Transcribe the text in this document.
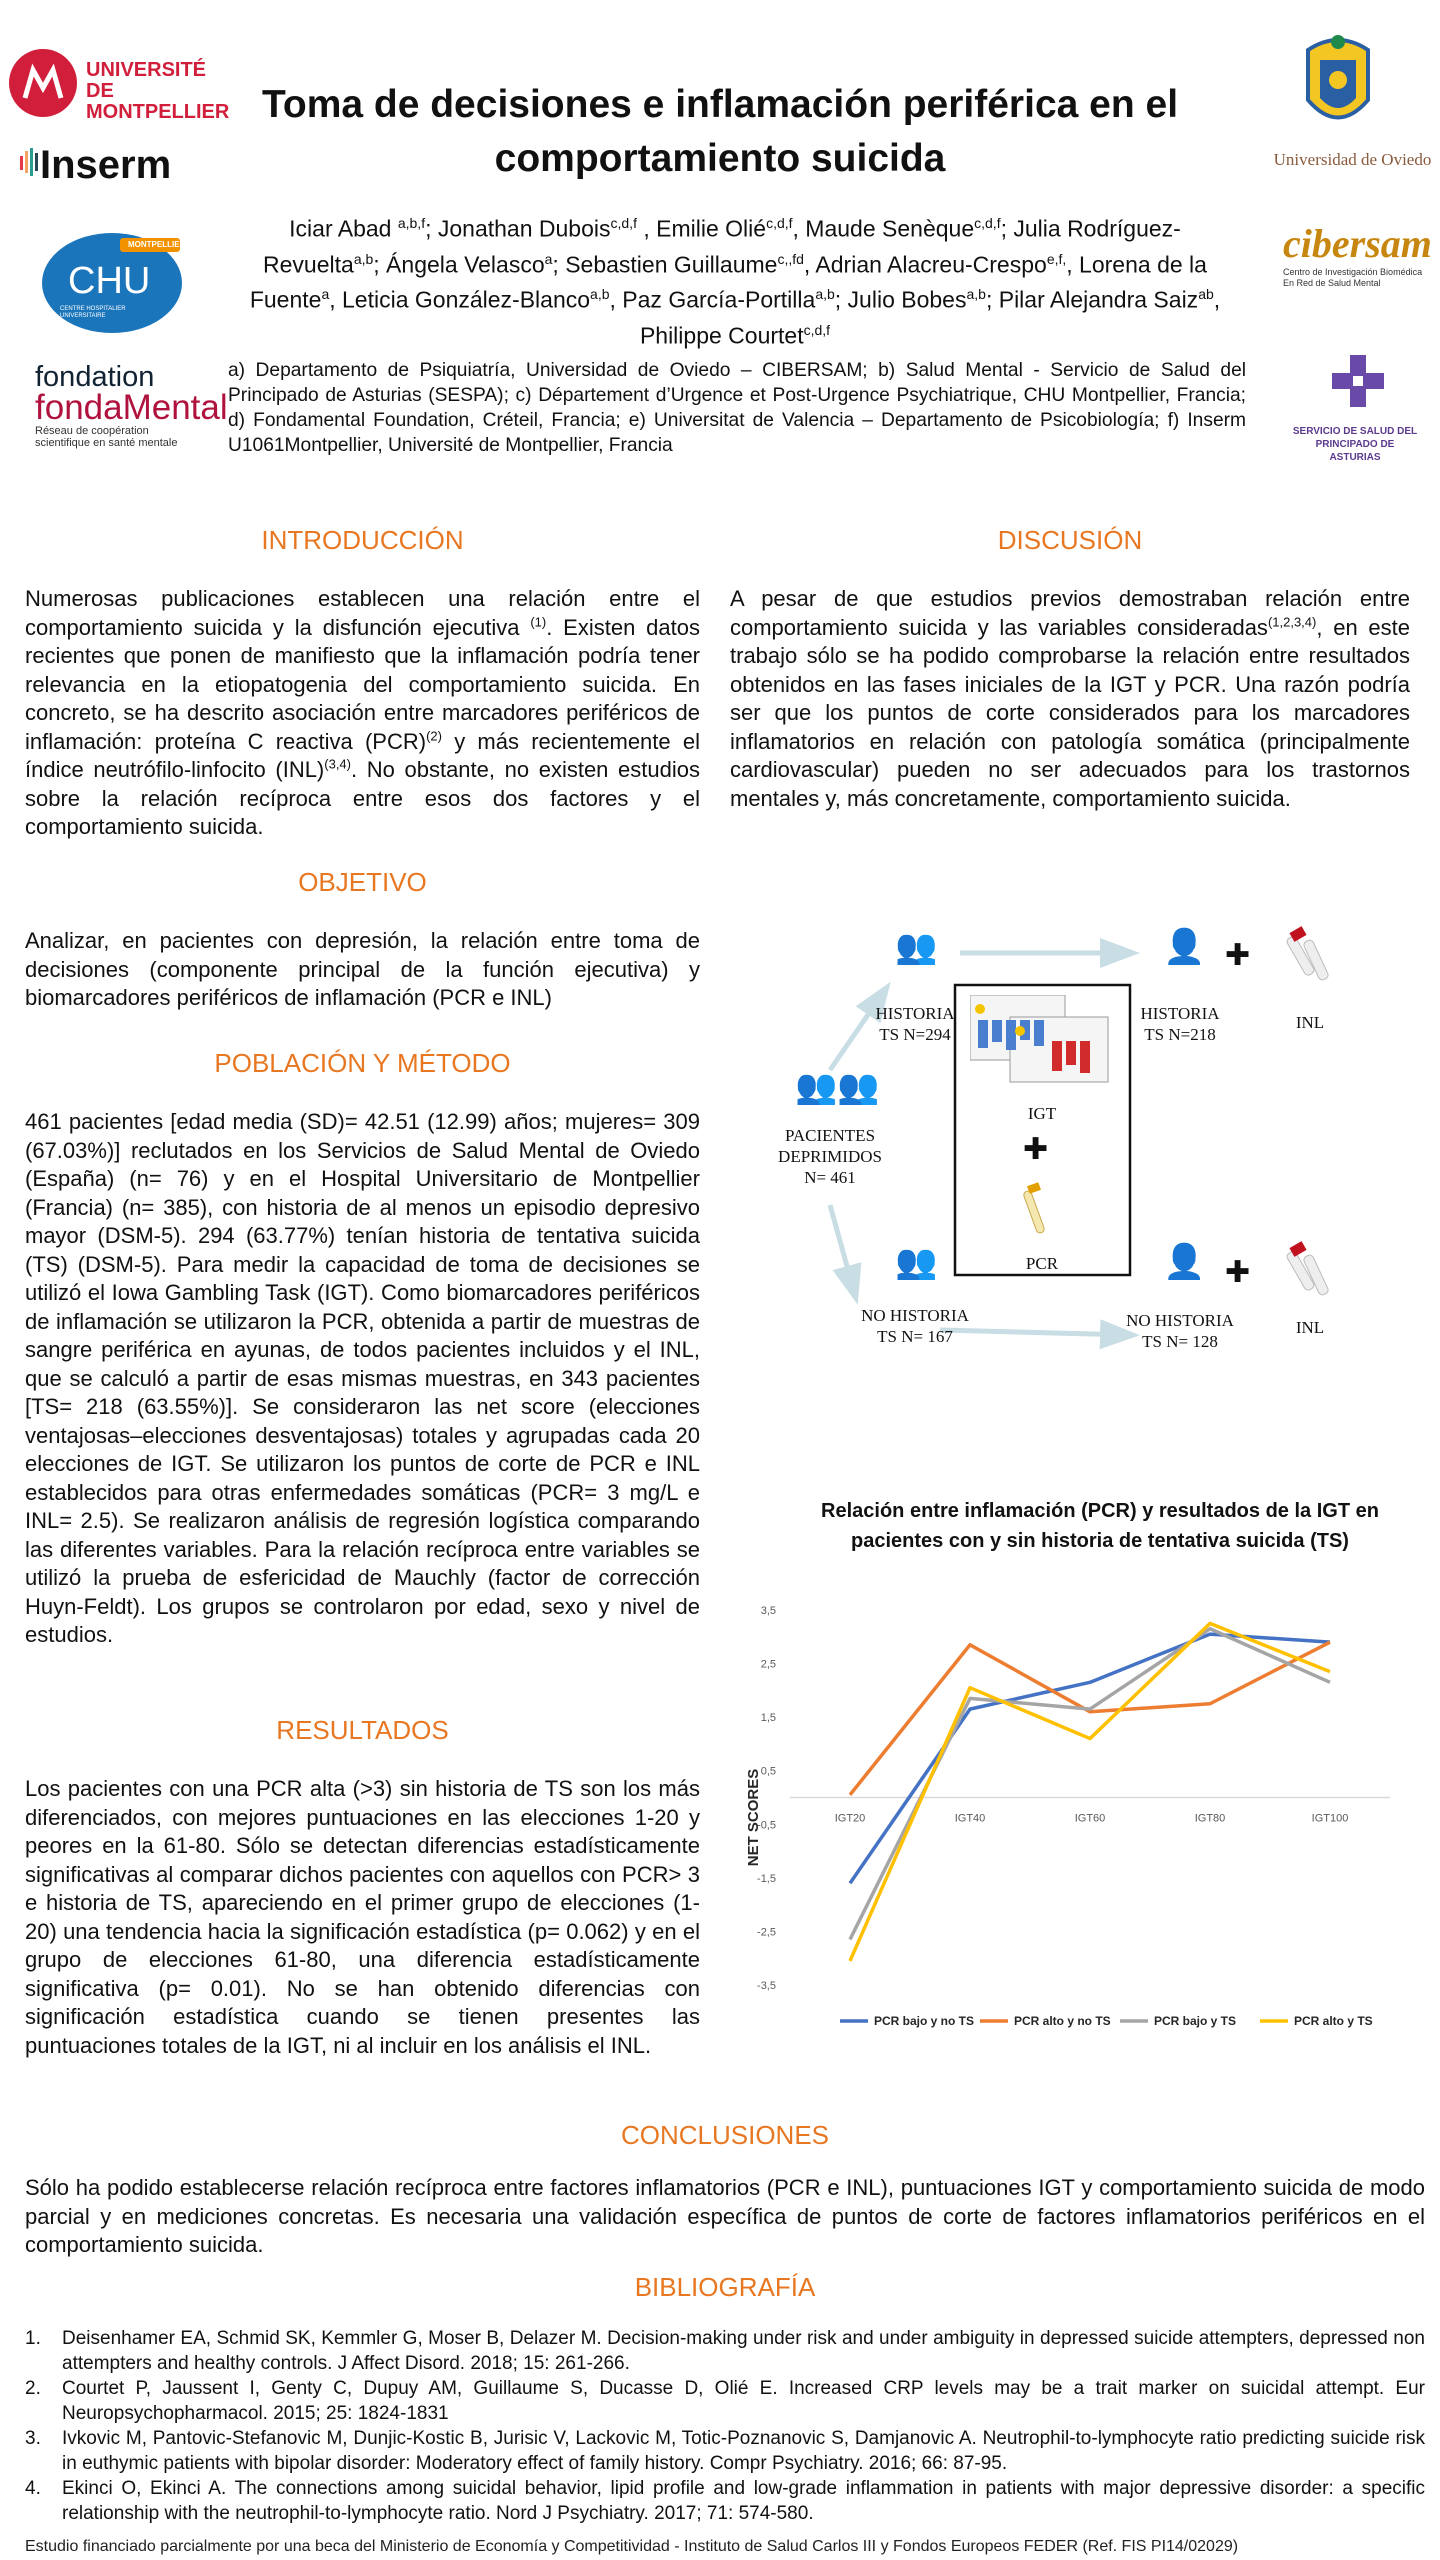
UNIVERSITÉ
DE MONTPELLIER
Inserm
MONTPELLIER
CHU
CENTRE HOSPITALIER UNIVERSITAIRE
fondation
fondaMental
Réseau de coopération scientifique en santé mentale
Universidad de Oviedo
cibersam
Centro de Investigación Biomédica En Red de Salud Mental
SERVICIO DE SALUD DEL PRINCIPADO DE ASTURIAS
Toma de decisiones e inflamación periférica en el
comportamiento suicida
Iciar Abad $^{a,b,f}$; Jonathan Dubois$^{c,d,f}$ , Emilie Olié$^{c,d,f}$, Maude Senèque$^{c,d,f}$; Julia Rodríguez-Revuelta$^{a,b}$; Ángela Velasco$^a$; Sebastien Guillaume$^{c,,fd}$, Adrian Alacreu-Crespo$^{e,f,}$, Lorena de la Fuente$^a$, Leticia González-Blanco$^{a,b}$, Paz García-Portilla$^{a,b}$; Julio Bobes$^{a,b}$; Pilar Alejandra Saiz$^{ab}$, Philippe Courtet$^{c,d,f}$
a) Departamento de Psiquiatría, Universidad de Oviedo – CIBERSAM; b) Salud Mental - Servicio de Salud del Principado de Asturias (SESPA); c) Département d’Urgence et Post-Urgence Psychiatrique, CHU Montpellier, Francia; d) Fondamental Foundation, Créteil, Francia; e) Universitat de Valencia – Departamento de Psicobiología; f) Inserm U1061Montpellier, Université de Montpellier, Francia
INTRODUCCIÓN
Numerosas publicaciones establecen una relación entre el comportamiento suicida y la disfunción ejecutiva $^{(1)}$. Existen datos recientes que ponen de manifiesto que la inflamación podría tener relevancia en la etiopatogenia del comportamiento suicida. En concreto, se ha descrito asociación entre marcadores periféricos de inflamación: proteína C reactiva (PCR)$^{(2)}$ y más recientemente el índice neutrófilo-linfocito (INL)$^{(3,4)}$. No obstante, no existen estudios sobre la relación recíproca entre esos dos factores y el comportamiento suicida.
OBJETIVO
Analizar, en pacientes con depresión, la relación entre toma de decisiones (componente principal de la función ejecutiva) y biomarcadores periféricos de inflamación (PCR e INL)
POBLACIÓN Y MÉTODO
461 pacientes [edad media (SD)= 42.51 (12.99) años; mujeres= 309 (67.03%)] reclutados en los Servicios de Salud Mental de Oviedo (España) (n= 76) y en el Hospital Universitario de Montpellier (Francia) (n= 385), con historia de al menos un episodio depresivo mayor (DSM-5). 294 (63.77%) tenían historia de tentativa suicida (TS) (DSM-5). Para medir la capacidad de toma de decisiones se utilizó el Iowa Gambling Task (IGT). Como biomarcadores periféricos de inflamación se utilizaron la PCR, obtenida a partir de muestras de sangre periférica en ayunas, de todos pacientes incluidos y el INL, que se calculó a partir de esas mismas muestras, en 343 pacientes [TS= 218 (63.55%)]. Se consideraron las net score (elecciones ventajosas–elecciones desventajosas) totales y agrupadas cada 20 elecciones de IGT. Se utilizaron los puntos de corte de PCR e INL establecidos para otras enfermedades somáticas (PCR= 3 mg/L e INL= 2.5). Se realizaron análisis de regresión logística comparando las diferentes variables. Para la relación recíproca entre variables se utilizó la prueba de esfericidad de Mauchly (factor de corrección Huyn-Feldt). Los grupos se controlaron por edad, sexo y nivel de estudios.
RESULTADOS
Los pacientes con una PCR alta (>3) sin historia de TS son los más diferenciados, con mejores puntuaciones en las elecciones 1-20 y peores en la 61-80. Sólo se detectan diferencias estadísticamente significativas al comparar dichos pacientes con aquellos con PCR> 3 e historia de TS, apareciendo en el primer grupo de elecciones (1-20) una tendencia hacia la significación estadística (p= 0.062) y en el grupo de elecciones 61-80, una diferencia estadísticamente significativa (p= 0.01). No se han obtenido diferencias con significación estadística cuando se tienen presentes las puntuaciones totales de la IGT, ni al incluir en los análisis el INL.
DISCUSIÓN
A pesar de que estudios previos demostraban relación entre comportamiento suicida y las variables consideradas$^{(1,2,3,4)}$, en este trabajo sólo se ha podido comprobarse la relación entre resultados obtenidos en las fases iniciales de la IGT y PCR. Una razón podría ser que los puntos de corte considerados para los marcadores inflamatorios en relación con patología somática (principalmente cardiovascular) pueden no ser adecuados para los trastornos mentales y, más concretamente, comportamiento suicida.
IGT
✚
PCR
👥
HISTORIA
TS N=294
👤
HISTORIA
TS N=218
✚
INL
👥👥
PACIENTES
DEPRIMIDOS
N= 461
👥
NO HISTORIA
TS N= 167
👤
NO HISTORIA
TS N= 128
✚
INL
Relación entre inflamación (PCR) y resultados de la IGT en
pacientes con y sin historia de tentativa suicida (TS)
3,5
2,5
1,5
0,5
-0,5
-1,5
-2,5
-3,5
IGT20	IGT40	IGT60	IGT80	IGT100
NET SCORES
PCR bajo y no TS	PCR alto y no TS	PCR bajo y TS	PCR alto y TS
CONCLUSIONES
Sólo ha podido establecerse relación recíproca entre factores inflamatorios (PCR e INL), puntuaciones IGT y comportamiento suicida de modo parcial y en mediciones concretas. Es necesaria una validación específica de puntos de corte de factores inflamatorios periféricos en el comportamiento suicida.
BIBLIOGRAFÍA
1.	Deisenhamer EA, Schmid SK, Kemmler G, Moser B, Delazer M. Decision-making under risk and under ambiguity in depressed suicide attempters, depressed non attempters and healthy controls. J Affect Disord. 2018; 15: 261-266.
2.	Courtet P, Jaussent I, Genty C, Dupuy AM, Guillaume S, Ducasse D, Olié E. Increased CRP levels may be a trait marker on suicidal attempt. Eur Neuropsychopharmacol. 2015; 25: 1824-1831
3.	Ivkovic M, Pantovic-Stefanovic M, Dunjic-Kostic B, Jurisic V, Lackovic M, Totic-Poznanovic S, Damjanovic A. Neutrophil-to-lymphocyte ratio predicting suicide risk in euthymic patients with bipolar disorder: Moderatory effect of family history. Compr Psychiatry. 2016; 66: 87-95.
4.	Ekinci O, Ekinci A. The connections among suicidal behavior, lipid profile and low-grade inflammation in patients with major depressive disorder: a specific relationship with the neutrophil-to-lymphocyte ratio. Nord J Psychiatry. 2017; 71: 574-580.
Estudio financiado parcialmente por una beca del Ministerio de Economía y Competitividad - Instituto de Salud Carlos III y Fondos Europeos FEDER (Ref. FIS PI14/02029)
